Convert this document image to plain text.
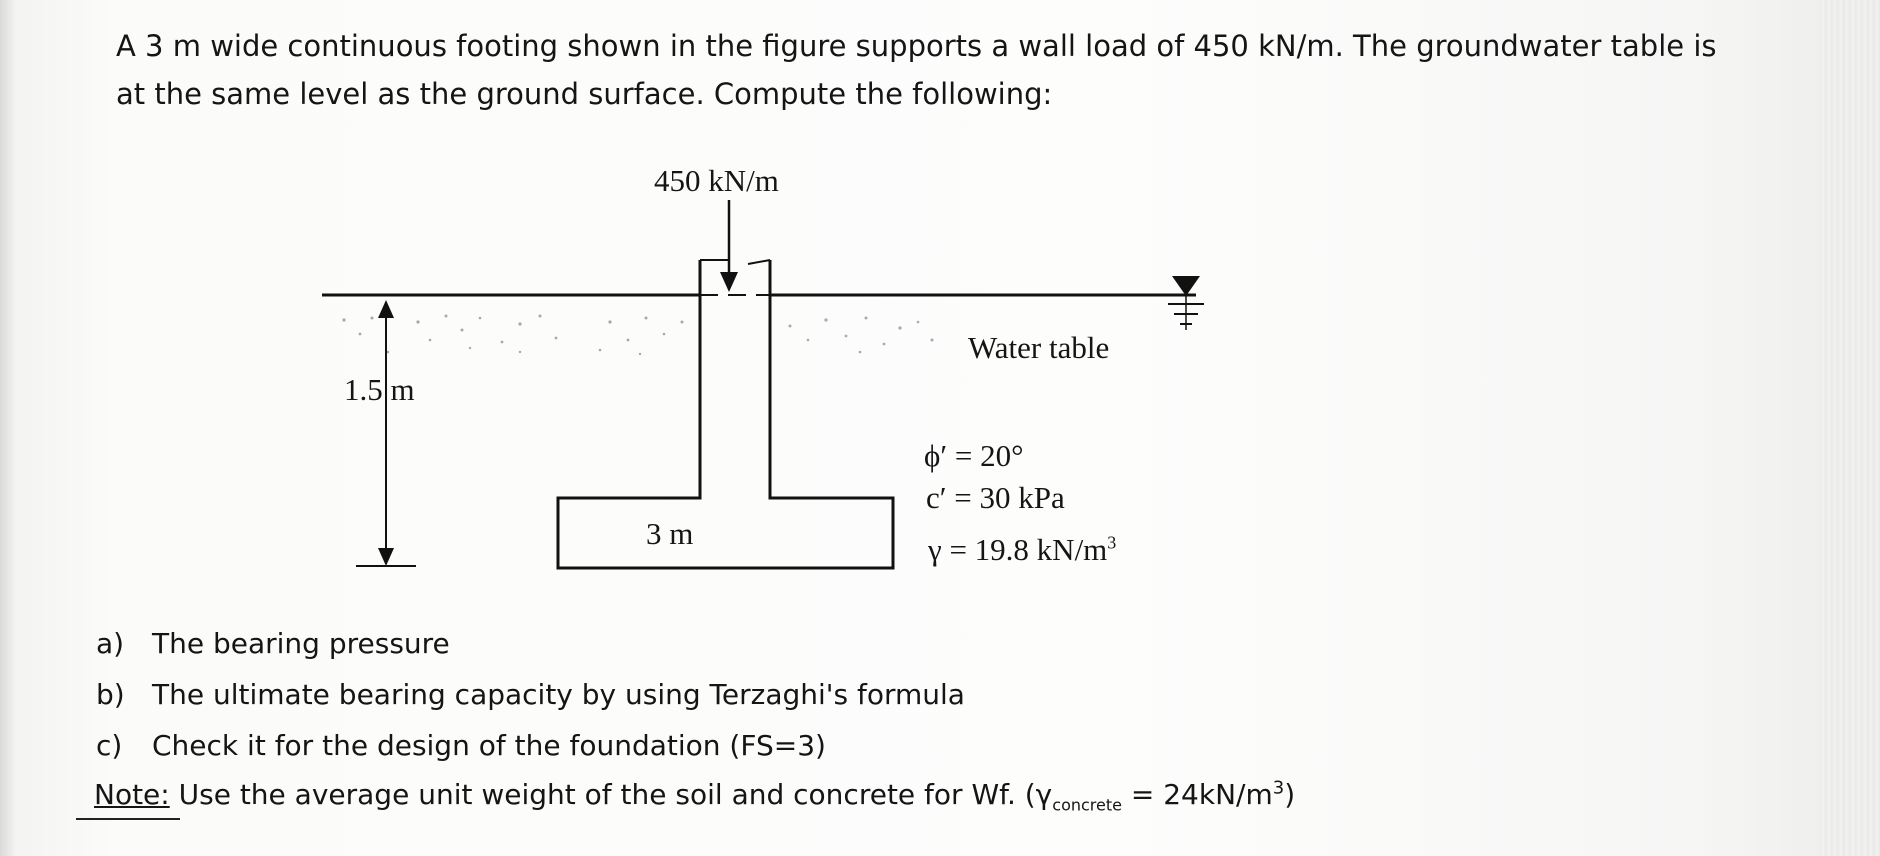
A 3 m wide continuous footing shown in the figure supports a wall load of 450 kN/m. The groundwater table is
at the same level as the ground surface. Compute the following:
450 kN/m
1.5 m
3 m
Water table
ϕ′ = 20°
c′ = 30 kPa
γ = 19.8 $kN/m^3$
a) The bearing pressure
b) The ultimate bearing capacity by using Terzaghi's formula
c)	Check it for the design of the foundation (FS=3)
Note: Use the average unit weight of the soil and concrete for Wf. $(\gamma_{concrete} = 24kN/m^3)$
